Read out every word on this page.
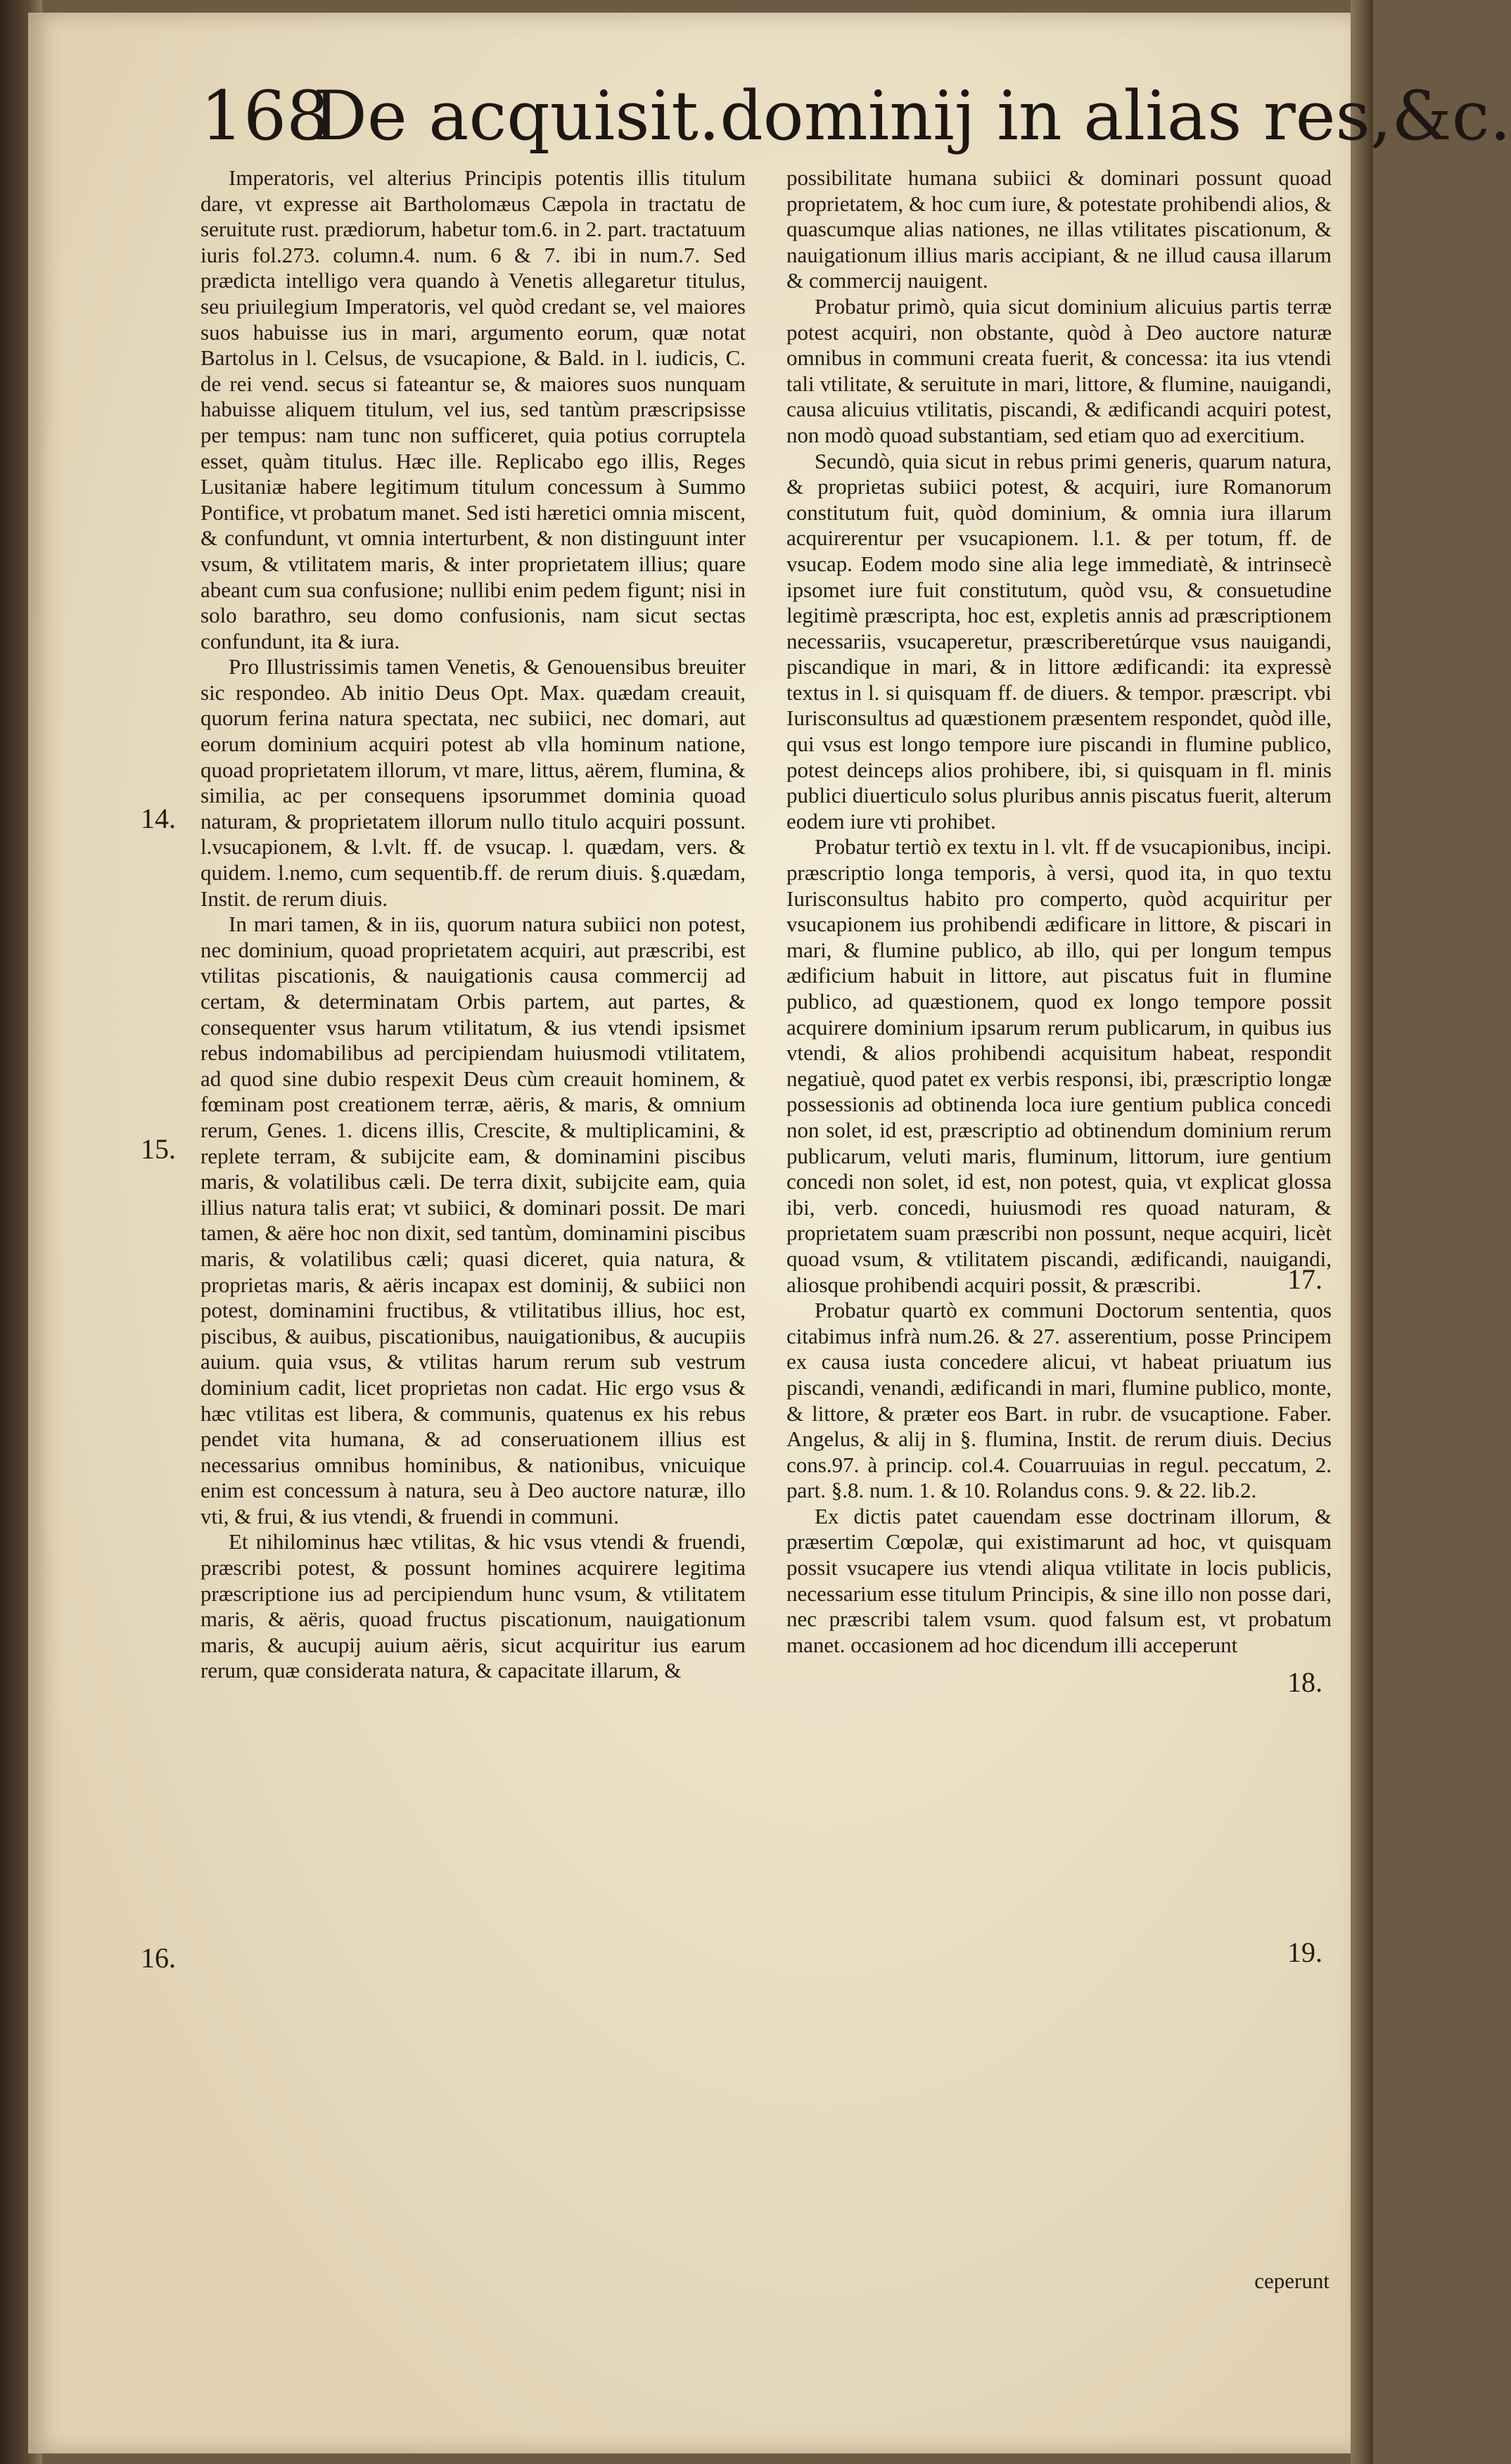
168
De acquisit.dominij in alias res,&c.

Imperatoris, vel alterius Principis potentis illis titulum dare, vt expresse ait Bartholomæus Cæpola in tractatu de seruitute rust. prædiorum, habetur tom.6. in 2. part. tractatuum iuris fol.273. column.4. num. 6 & 7. ibi in num.7. Sed prædicta intelligo vera quando à Venetis allegaretur titulus, seu priuilegium Imperatoris, vel quòd credant se, vel maiores suos habuisse ius in mari, argumento eorum, quæ notat Bartolus in l. Celsus, de vsucapione, & Bald. in l. iudicis, C. de rei vend. secus si fateantur se, & maiores suos nunquam habuisse aliquem titulum, vel ius, sed tantùm præscripsisse per tempus: nam tunc non sufficeret, quia potius corruptela esset, quàm titulus. Hæc ille. Replicabo ego illis, Reges Lusitaniæ habere legitimum titulum concessum à Summo Pontifice, vt probatum manet. Sed isti hæretici omnia miscent, & confundunt, vt omnia interturbent, & non distinguunt inter vsum, & vtilitatem maris, & inter proprietatem illius; quare abeant cum sua confusione; nullibi enim pedem figunt; nisi in solo barathro, seu domo confusionis, nam sicut sectas confundunt, ita & iura.

Pro Illustrissimis tamen Venetis, & Genouensibus breuiter sic respondeo. Ab initio Deus Opt. Max. quædam creauit, quorum ferina natura spectata, nec subiici, nec domari, aut eorum dominium acquiri potest ab vlla hominum natione, quoad proprietatem illorum, vt mare, littus, aërem, flumina, & similia, ac per consequens ipsorummet dominia quoad naturam, & proprietatem illorum nullo titulo acquiri possunt. l.vsucapionem, & l.vlt. ff. de vsucap. l. quædam, vers. & quidem. l.nemo, cum sequentib.ff. de rerum diuis. §.quædam, Instit. de rerum diuis.

In mari tamen, & in iis, quorum natura subiici non potest, nec dominium, quoad proprietatem acquiri, aut præscribi, est vtilitas piscationis, & nauigationis causa commercij ad certam, & determinatam Orbis partem, aut partes, & consequenter vsus harum vtilitatum, & ius vtendi ipsismet rebus indomabilibus ad percipiendam huiusmodi vtilitatem, ad quod sine dubio respexit Deus cùm creauit hominem, & fœminam post creationem terræ, aëris, & maris, & omnium rerum, Genes. 1. dicens illis, Crescite, & multiplicamini, & replete terram, & subijcite eam, & dominamini piscibus maris, & volatilibus cæli. De terra dixit, subijcite eam, quia illius natura talis erat; vt subiici, & dominari possit. De mari tamen, & aëre hoc non dixit, sed tantùm, dominamini piscibus maris, & volatilibus cæli; quasi diceret, quia natura, & proprietas maris, & aëris incapax est dominij, & subiici non potest, dominamini fructibus, & vtilitatibus illius, hoc est, piscibus, & auibus, piscationibus, nauigationibus, & aucupiis auium. quia vsus, & vtilitas harum rerum sub vestrum dominium cadit, licet proprietas non cadat. Hic ergo vsus & hæc vtilitas est libera, & communis, quatenus ex his rebus pendet vita humana, & ad conseruationem illius est necessarius omnibus hominibus, & nationibus, vnicuique enim est concessum à natura, seu à Deo auctore naturæ, illo vti, & frui, & ius vtendi, & fruendi in communi.

Et nihilominus hæc vtilitas, & hic vsus vtendi & fruendi, præscribi potest, & possunt homines acquirere legitima præscriptione ius ad percipiendum hunc vsum, & vtilitatem maris, & aëris, quoad fructus piscationum, nauigationum maris, & aucupij auium aëris, sicut acquiritur ius earum rerum, quæ considerata natura, & capacitate illarum, &

possibilitate humana subiici & dominari possunt quoad proprietatem, & hoc cum iure, & potestate prohibendi alios, & quascumque alias nationes, ne illas vtilitates piscationum, & nauigationum illius maris accipiant, & ne illud causa illarum & commercij nauigent.

Probatur primò, quia sicut dominium alicuius partis terræ potest acquiri, non obstante, quòd à Deo auctore naturæ omnibus in communi creata fuerit, & concessa: ita ius vtendi tali vtilitate, & seruitute in mari, littore, & flumine, nauigandi, causa alicuius vtilitatis, piscandi, & ædificandi acquiri potest, non modò quoad substantiam, sed etiam quo ad exercitium.

Secundò, quia sicut in rebus primi generis, quarum natura, & proprietas subiici potest, & acquiri, iure Romanorum constitutum fuit, quòd dominium, & omnia iura illarum acquirerentur per vsucapionem. l.1. & per totum, ff. de vsucap. Eodem modo sine alia lege immediatè, & intrinsecè ipsomet iure fuit constitutum, quòd vsu, & consuetudine legitimè præscripta, hoc est, expletis annis ad præscriptionem necessariis, vsucaperetur, præscriberetúrque vsus nauigandi, piscandique in mari, & in littore ædificandi: ita expressè textus in l. si quisquam ff. de diuers. & tempor. præscript. vbi Iurisconsultus ad quæstionem præsentem respondet, quòd ille, qui vsus est longo tempore iure piscandi in flumine publico, potest deinceps alios prohibere, ibi, si quisquam in fl. minis publici diuerticulo solus pluribus annis piscatus fuerit, alterum eodem iure vti prohibet.

Probatur tertiò ex textu in l. vlt. ff de vsucapionibus, incipi. præscriptio longa temporis, à versi, quod ita, in quo textu Iurisconsultus habito pro comperto, quòd acquiritur per vsucapionem ius prohibendi ædificare in littore, & piscari in mari, & flumine publico, ab illo, qui per longum tempus ædificium habuit in littore, aut piscatus fuit in flumine publico, ad quæstionem, quod ex longo tempore possit acquirere dominium ipsarum rerum publicarum, in quibus ius vtendi, & alios prohibendi acquisitum habeat, respondit negatiuè, quod patet ex verbis responsi, ibi, præscriptio longæ possessionis ad obtinenda loca iure gentium publica concedi non solet, id est, præscriptio ad obtinendum dominium rerum publicarum, veluti maris, fluminum, littorum, iure gentium concedi non solet, id est, non potest, quia, vt explicat glossa ibi, verb. concedi, huiusmodi res quoad naturam, & proprietatem suam præscribi non possunt, neque acquiri, licèt quoad vsum, & vtilitatem piscandi, ædificandi, nauigandi, aliosque prohibendi acquiri possit, & præscribi.

Probatur quartò ex communi Doctorum sententia, quos citabimus infrà num.26. & 27. asserentium, posse Principem ex causa iusta concedere alicui, vt habeat priuatum ius piscandi, venandi, ædificandi in mari, flumine publico, monte, & littore, & præter eos Bart. in rubr. de vsucaptione. Faber. Angelus, & alij in §. flumina, Instit. de rerum diuis. Decius cons.97. à princip. col.4. Couarruuias in regul. peccatum, 2. part. §.8. num. 1. & 10. Rolandus cons. 9. & 22. lib.2.

Ex dictis patet cauendam esse doctrinam illorum, & præsertim Cœpolæ, qui existimarunt ad hoc, vt quisquam possit vsucapere ius vtendi aliqua vtilitate in locis publicis, necessarium esse titulum Principis, & sine illo non posse dari, nec præscribi talem vsum. quod falsum est, vt probatum manet. occasionem ad hoc dicendum illi acceperunt

14.
15.
16.
17.
18.
19.
ceperunt
